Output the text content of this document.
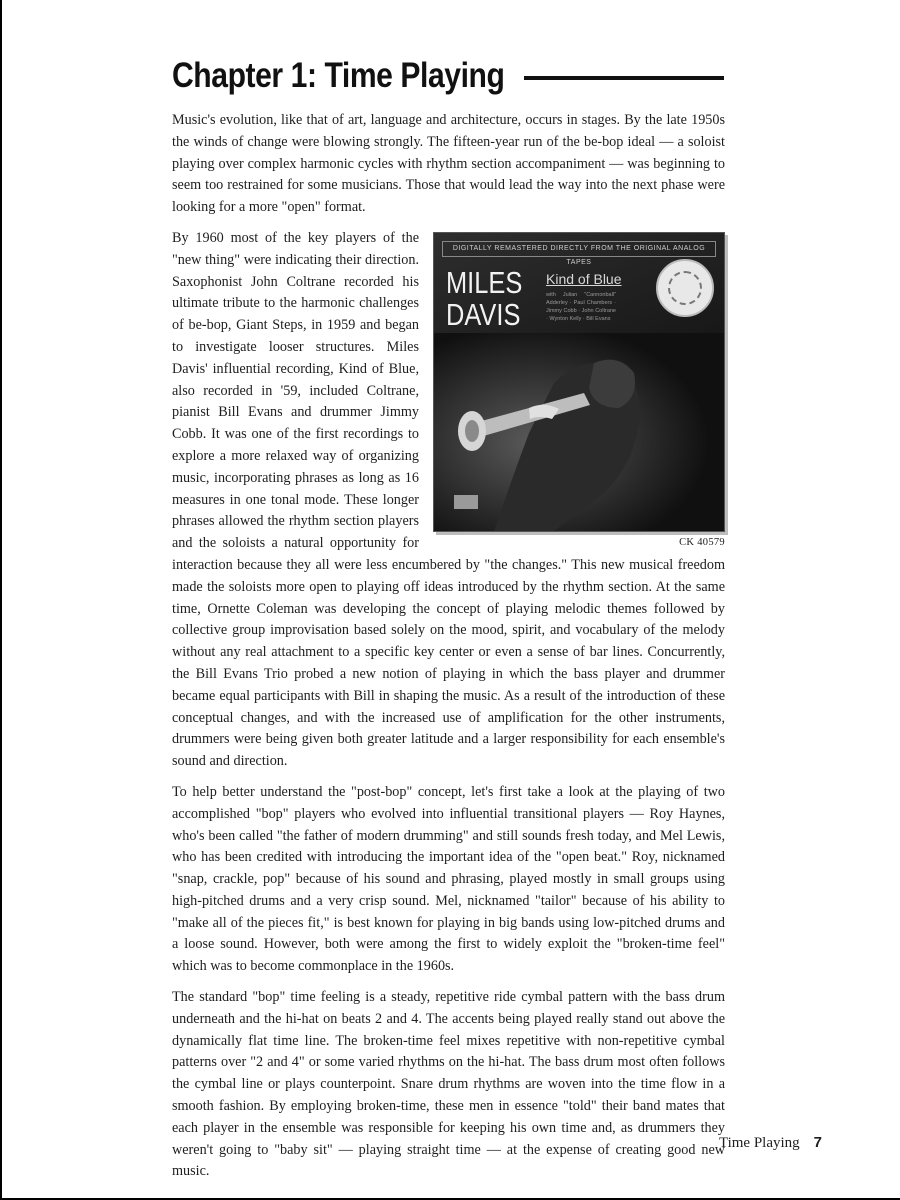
Chapter 1: Time Playing

Music's evolution, like that of art, language and architecture, occurs in stages. By the late 1950s the winds of change were blowing strongly. The fifteen-year run of the be-bop ideal — a soloist playing over complex harmonic cycles with rhythm section accompaniment — was beginning to seem too restrained for some musicians. Those that would lead the way into the next phase were looking for a more "open" format.

DIGITALLY REMASTERED DIRECTLY FROM THE ORIGINAL ANALOG TAPES
MILES
DAVIS
Kind of Blue
with Julian "Cannonball" Adderley · Paul Chambers · Jimmy Cobb · John Coltrane · Wynton Kelly · Bill Evans
CK 40579

By 1960 most of the key players of the "new thing" were indicating their direction. Saxophonist John Coltrane recorded his ultimate tribute to the harmonic challenges of be-bop, Giant Steps, in 1959 and began to investigate looser structures. Miles Davis' influential recording, Kind of Blue, also recorded in '59, included Coltrane, pianist Bill Evans and drummer Jimmy Cobb. It was one of the first recordings to explore a more relaxed way of organizing music, incorporating phrases as long as 16 measures in one tonal mode. These longer phrases allowed the rhythm section players and the soloists a natural opportunity for interaction because they all were less encumbered by "the changes." This new musical freedom made the soloists more open to playing off ideas introduced by the rhythm section. At the same time, Ornette Coleman was developing the concept of playing melodic themes followed by collective group improvisation based solely on the mood, spirit, and vocabulary of the melody without any real attachment to a specific key center or even a sense of bar lines. Concurrently, the Bill Evans Trio probed a new notion of playing in which the bass player and drummer became equal participants with Bill in shaping the music. As a result of the introduction of these conceptual changes, and with the increased use of amplification for the other instruments, drummers were being given both greater latitude and a larger responsibility for each ensemble's sound and direction.

To help better understand the "post-bop" concept, let's first take a look at the playing of two accomplished "bop" players who evolved into influential transitional players — Roy Haynes, who's been called "the father of modern drumming" and still sounds fresh today, and Mel Lewis, who has been credited with introducing the important idea of the "open beat." Roy, nicknamed "snap, crackle, pop" because of his sound and phrasing, played mostly in small groups using high-pitched drums and a very crisp sound. Mel, nicknamed "tailor" because of his ability to "make all of the pieces fit," is best known for playing in big bands using low-pitched drums and a loose sound. However, both were among the first to widely exploit the "broken-time feel" which was to become commonplace in the 1960s.

The standard "bop" time feeling is a steady, repetitive ride cymbal pattern with the bass drum underneath and the hi-hat on beats 2 and 4. The accents being played really stand out above the dynamically flat time line. The broken-time feel mixes repetitive with non-repetitive cymbal patterns over "2 and 4" or some varied rhythms on the hi-hat. The bass drum most often follows the cymbal line or plays counterpoint. Snare drum rhythms are woven into the time flow in a smooth fashion. By employing broken-time, these men in essence "told" their band mates that each player in the ensemble was responsible for keeping his own time and, as drummers they weren't going to "baby sit" — playing straight time — at the expense of creating good new music.

Time Playing 7
